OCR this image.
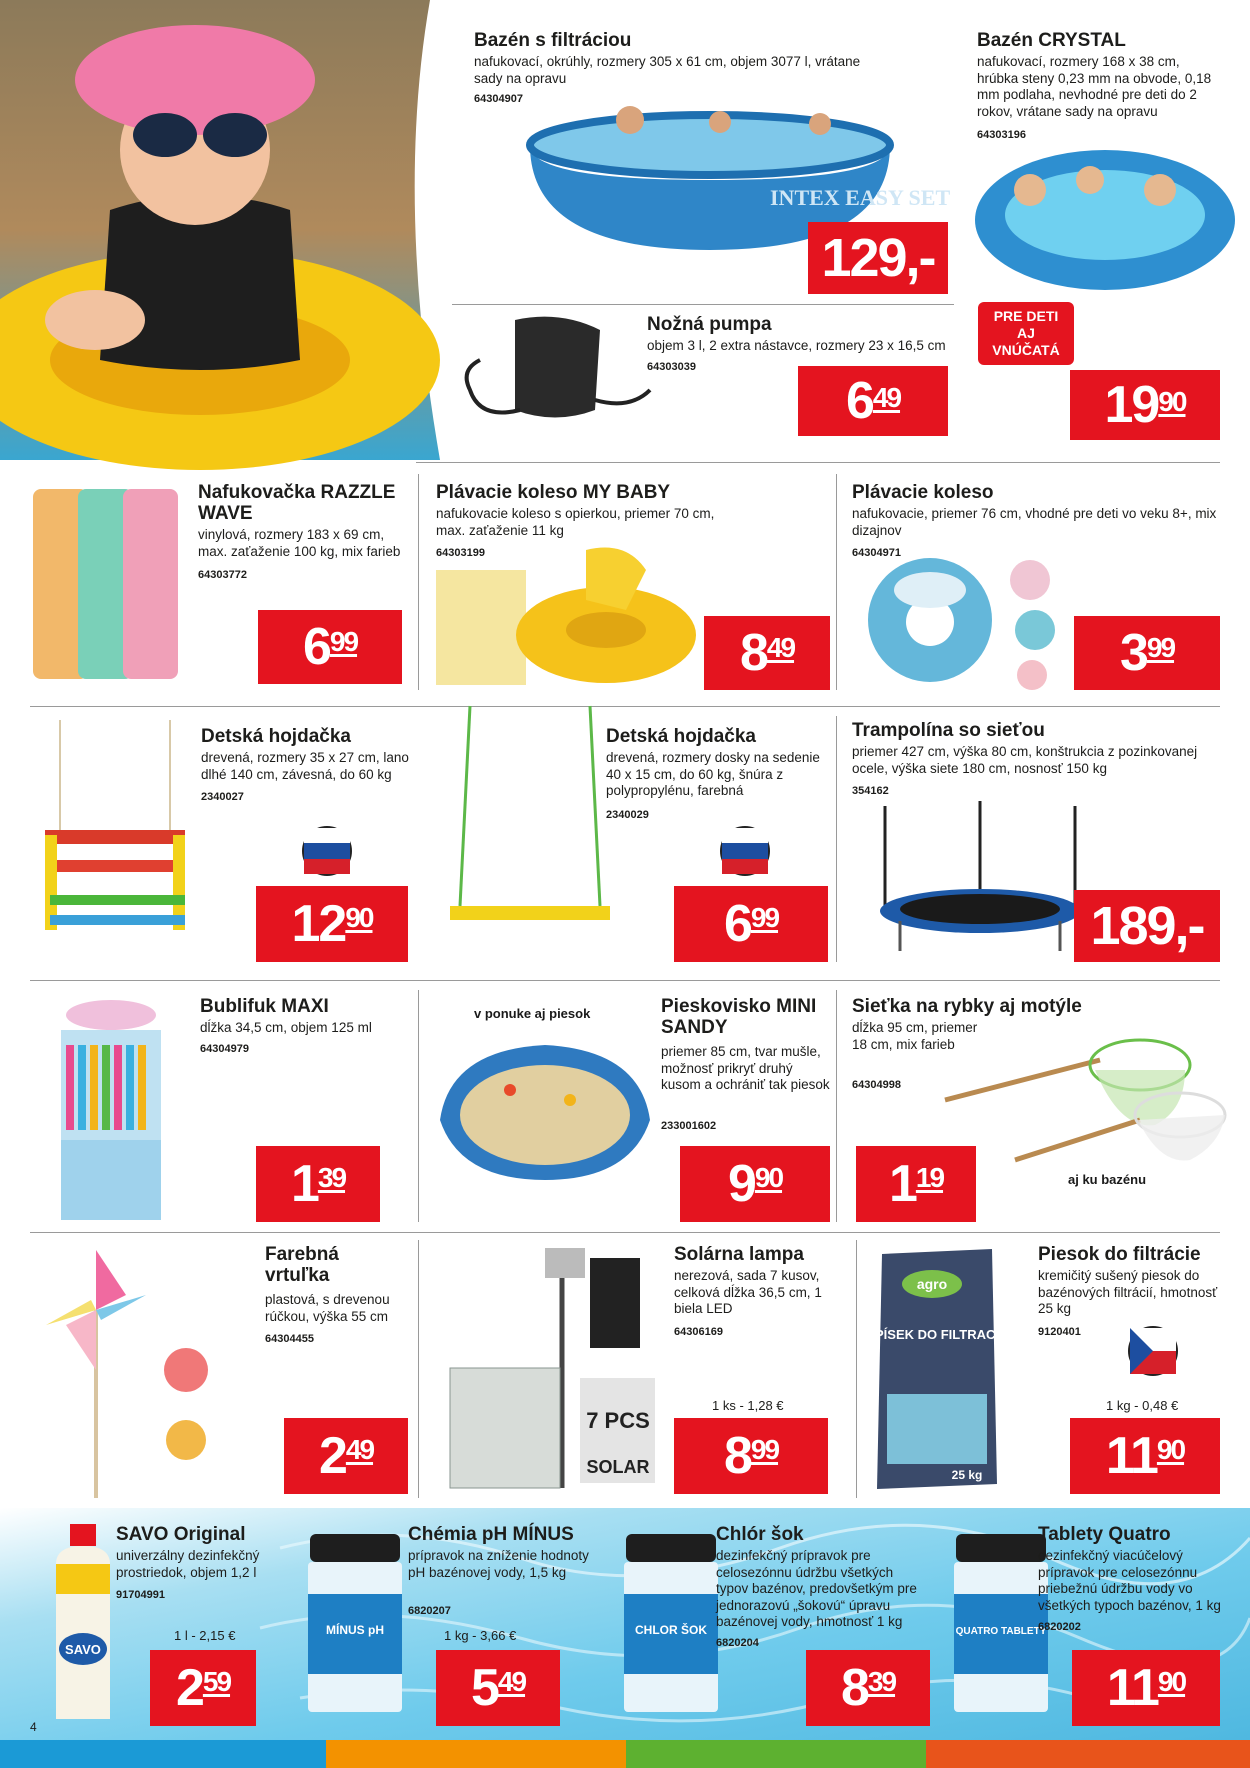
Bazén s filtráciou
nafukovací, okrúhly, rozmery 305 x 61 cm, objem 3077 l, vrátane sady na opravu
64304907
INTEX EASY SET
129,-
Bazén CRYSTAL
nafukovací, rozmery 168 x 38 cm, hrúbka steny 0,23 mm na obvode, 0,18 mm podlaha, nevhodné pre deti do 2 rokov, vrátane sady na opravu
64303196
PRE DETI AJ VNÚČATÁ
19 90
Nožná pumpa
objem 3 l, 2 extra nástavce, rozmery 23 x 16,5 cm
64303039
6 49
Nafukovačka RAZZLE WAVE
vinylová, rozmery 183 x 69 cm, max. zaťaženie 100 kg, mix farieb
64303772
6 99
Plávacie koleso MY BABY
nafukovacie koleso s opierkou, priemer 70 cm, max. zaťaženie 11 kg
64303199
8 49
Plávacie koleso
nafukovacie, priemer 76 cm, vhodné pre deti vo veku 8+, mix dizajnov
64304971
3 99
Detská hojdačka
drevená, rozmery 35 x 27 cm, lano dlhé 140 cm, závesná, do 60 kg
2340027
12 90
Detská hojdačka
drevená, rozmery dosky na sedenie 40 x 15 cm, do 60 kg, šnúra z polypropylénu, farebná
2340029
6 99
Trampolína so sieťou
priemer 427 cm, výška 80 cm, konštrukcia z pozinkovanej ocele, výška siete 180 cm, nosnosť 150 kg
354162
189,-
Bublifuk MAXI
dĺžka 34,5 cm, objem 125 ml
64304979
1 39
v ponuke aj piesok	Pieskovisko MINI SANDY
priemer 85 cm, tvar mušle, možnosť prikryť druhý kusom a ochrániť tak piesok
233001602
9 90
Sieťka na rybky aj motýle
dĺžka 95 cm, priemer 18 cm, mix farieb
64304998
1 19	aj ku bazénu
Farebná vrtuľka
plastová, s drevenou rúčkou, výška 55 cm
64304455
2 49
7 PCS
SOLAR
Solárna lampa
nerezová, sada 7 kusov, celková dĺžka 36,5 cm, 1 biela LED
64306169
1 ks - 1,28 €
8 99
agro
PÍSEK DO FILTRACÍ
25 kg
Piesok do filtrácie
kremičitý sušený piesok do bazénových filtrácií, hmotnosť 25 kg
9120401
1 kg - 0,48 €
11 90
SAVO
SAVO Original
univerzálny dezinfekčný prostriedok, objem 1,2 l
91704991
1 l - 2,15 €
2 59
MÍNUS pH
Chémia pH MÍNUS
prípravok na zníženie hodnoty pH bazénovej vody, 1,5 kg
6820207
1 kg - 3,66 €
5 49
CHLOR ŠOK
Chlór šok
dezinfekčný prípravok pre celosezónnu údržbu všetkých typov bazénov, predovšetkým pre jednorazovú „šokovú“ úpravu bazénovej vody, hmotnosť 1 kg
6820204
8 39
QUATRO TABLETY
Tablety Quatro
dezinfekčný viacúčelový prípravok pre celosezónnu priebežnú údržbu vody vo všetkých typoch bazénov, 1 kg
6820202
11 90
4
